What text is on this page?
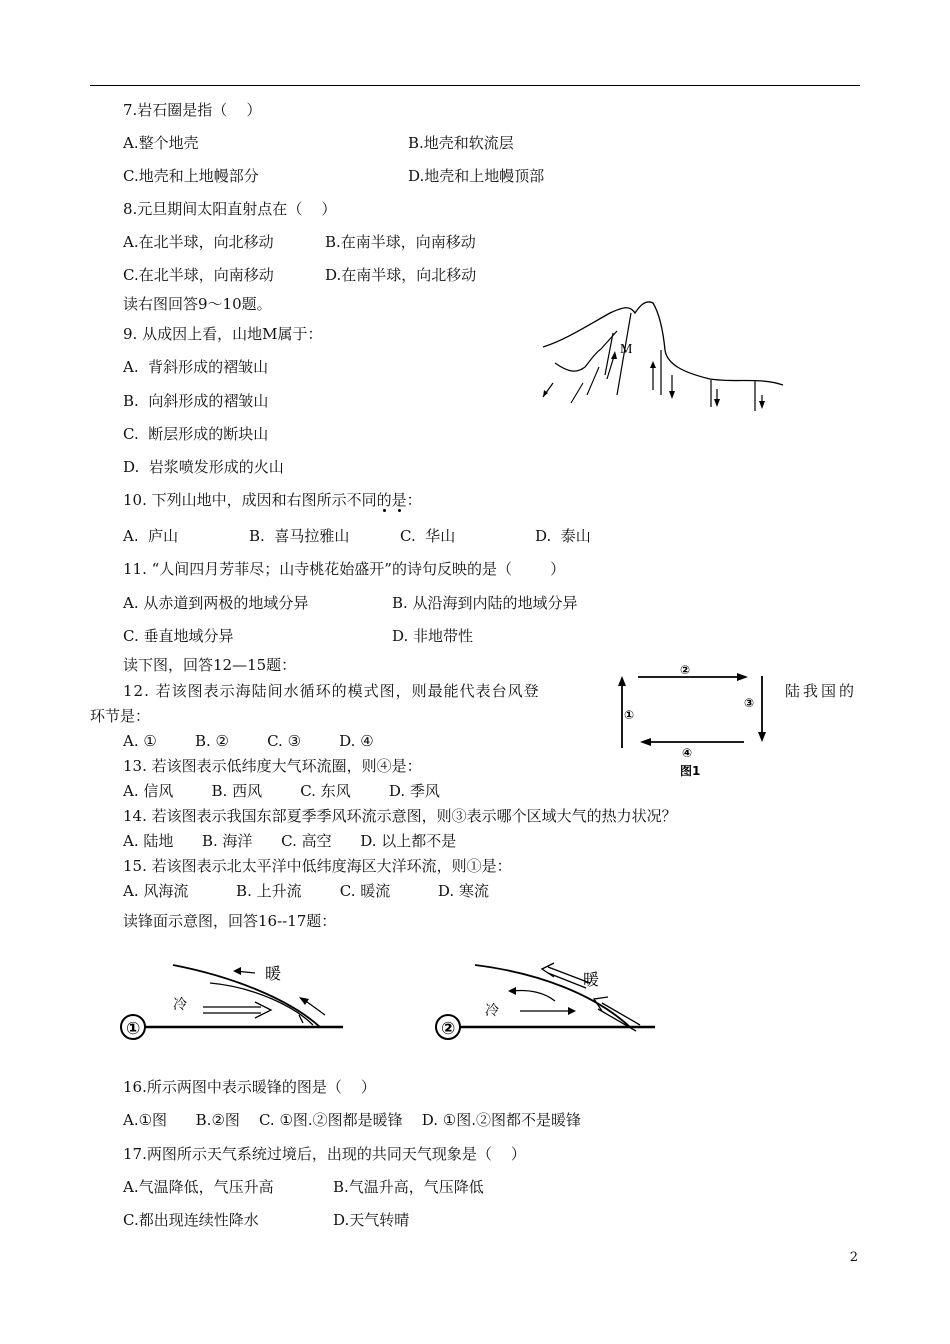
7.岩石圈是指（    ）
A.整个地壳	B.地壳和软流层
C.地壳和上地幔部分	D.地壳和上地幔顶部
8.元旦期间太阳直射点在（    ）
A.在北半球，向北移动	B.在南半球，向南移动
C.在北半球，向南移动	D.在南半球，向北移动
读右图回答9～10题。
9. 从成因上看，山地M属于：
A.  背斜形成的褶皱山
B.  向斜形成的褶皱山
C.  断层形成的断块山
D.  岩浆喷发形成的火山
M
10. 下列山地中，成因和右图所示不同的是：
A.  庐山	B.  喜马拉雅山	C.  华山	D.  泰山
11. “人间四月芳菲尽；山寺桃花始盛开”的诗句反映的是（        ）
A. 从赤道到两极的地域分异	B. 从沿海到内陆的地域分异
C. 垂直地域分异	D. 非地带性
读下图，回答12—15题：
12. 若该图表示海陆间水循环的模式图，则最能代表台风登	陆我国的
环节是：
A. ①        B. ②        C. ③        D. ④
①
②
③
④
图1
13. 若该图表示低纬度大气环流圈，则④是：
A. 信风        B. 西风        C. 东风        D. 季风
14. 若该图表示我国东部夏季季风环流示意图，则③表示哪个区域大气的热力状况？
A. 陆地      B. 海洋      C. 高空      D. 以上都不是
15. 若该图表示北太平洋中低纬度海区大洋环流，则①是：
A. 风海流          B. 上升流        C. 暖流          D. 寒流
读锋面示意图，回答16--17题：
暖
冷
①
暖
冷
②
16.所示两图中表示暖锋的图是（    ）
A.①图      B.②图    C. ①图.②图都是暖锋    D. ①图.②图都不是暖锋
17.两图所示天气系统过境后，出现的共同天气现象是（    ）
A.气温降低，气压升高	B.气温升高，气压降低
C.都出现连续性降水	D.天气转晴
2
